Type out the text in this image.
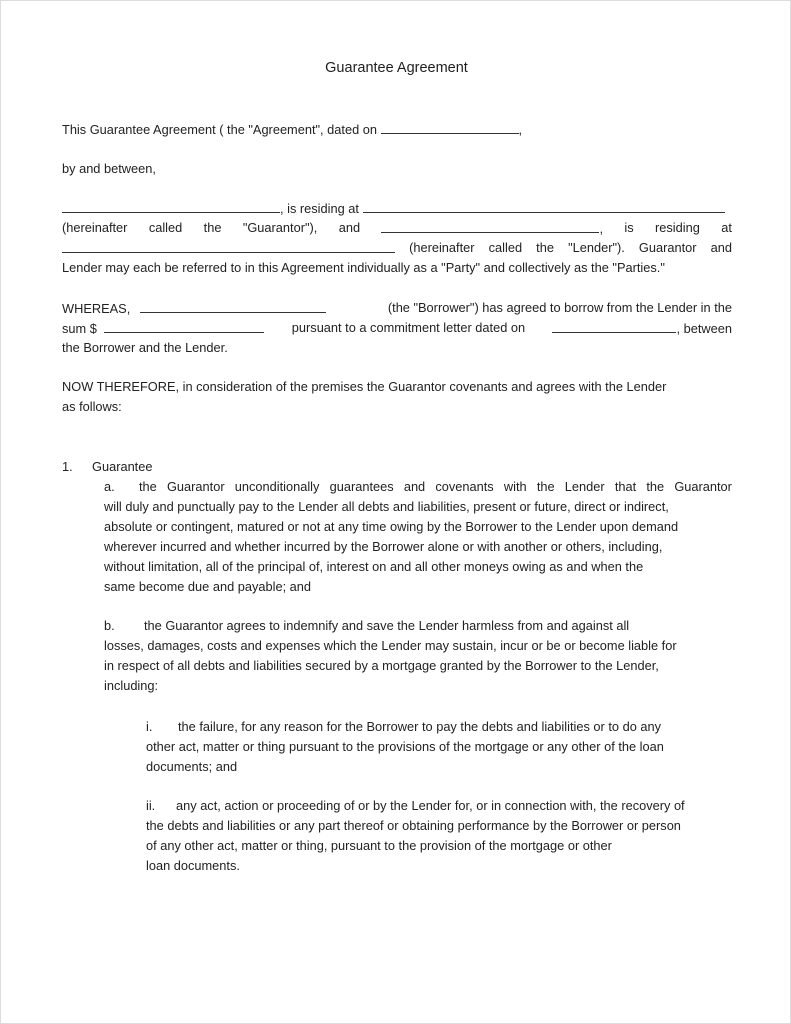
Guarantee Agreement
This Guarantee Agreement ( the "Agreement", dated on	,
by and between,
, is residing at
(hereinafter called the "Guarantor"), and	, is residing at
(hereinafter called the "Lender"). Guarantor and
Lender may each be referred to in this Agreement individually as a "Party" and collectively as the "Parties."
WHEREAS,	(the "Borrower") has agreed to borrow from the Lender in the
sum $	pursuant to a commitment letter dated on	, between
the Borrower and the Lender.
NOW THEREFORE, in consideration of the premises the Guarantor covenants and agrees with the Lender
as follows:
1. Guarantee
a. the Guarantor unconditionally guarantees and covenants with the Lender that the Guarantor
will duly and punctually pay to the Lender all debts and liabilities, present or future, direct or indirect,
absolute or contingent, matured or not at any time owing by the Borrower to the Lender upon demand
wherever incurred and whether incurred by the Borrower alone or with another or others, including,
without limitation, all of the principal of, interest on and all other moneys owing as and when the
same become due and payable; and
b. the Guarantor agrees to indemnify and save the Lender harmless from and against all
losses, damages, costs and expenses which the Lender may sustain, incur or be or become liable for
in respect of all debts and liabilities secured by a mortgage granted by the Borrower to the Lender,
including:
i. the failure, for any reason for the Borrower to pay the debts and liabilities or to do any
other act, matter or thing pursuant to the provisions of the mortgage or any other of the loan
documents; and
ii. any act, action or proceeding of or by the Lender for, or in connection with, the recovery of
the debts and liabilities or any part thereof or obtaining performance by the Borrower or person
of any other act, matter or thing, pursuant to the provision of the mortgage or other
loan documents.
